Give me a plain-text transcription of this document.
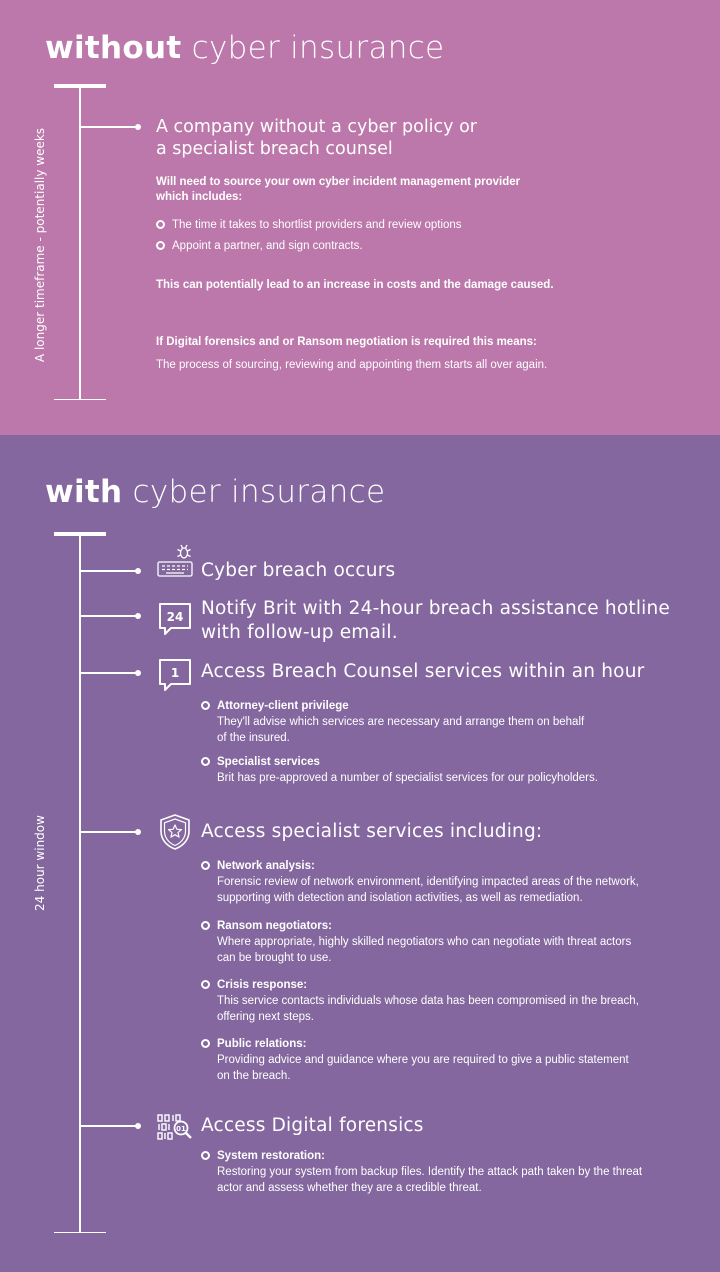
without cyber insurance
A longer timeframe - potentially weeks
A company without a cyber policy or
a specialist breach counsel
Will need to source your own cyber incident management provider
which includes:
The time it takes to shortlist providers and review options
Appoint a partner, and sign contracts.
This can potentially lead to an increase in costs and the damage caused.
If Digital forensics and or Ransom negotiation is required this means:
The process of sourcing, reviewing and appointing them starts all over again.
with cyber insurance
24 hour window
Cyber breach occurs
24 Notify Brit with 24-hour breach assistance hotline
with follow-up email.
1 Access Breach Counsel services within an hour
Attorney-client privilege
They'll advise which services are necessary and arrange them on behalf
of the insured.
Specialist services
Brit has pre-approved a number of specialist services for our policyholders.
Access specialist services including:
Network analysis:
Forensic review of network environment, identifying impacted areas of the network,
supporting with detection and isolation activities, as well as remediation.
Ransom negotiators:
Where appropriate, highly skilled negotiators who can negotiate with threat actors
can be brought to use.
Crisis response:
This service contacts individuals whose data has been compromised in the breach,
offering next steps.
Public relations:
Providing advice and guidance where you are required to give a public statement
on the breach.
01 Access Digital forensics
System restoration:
Restoring your system from backup files. Identify the attack path taken by the threat
actor and assess whether they are a credible threat.
